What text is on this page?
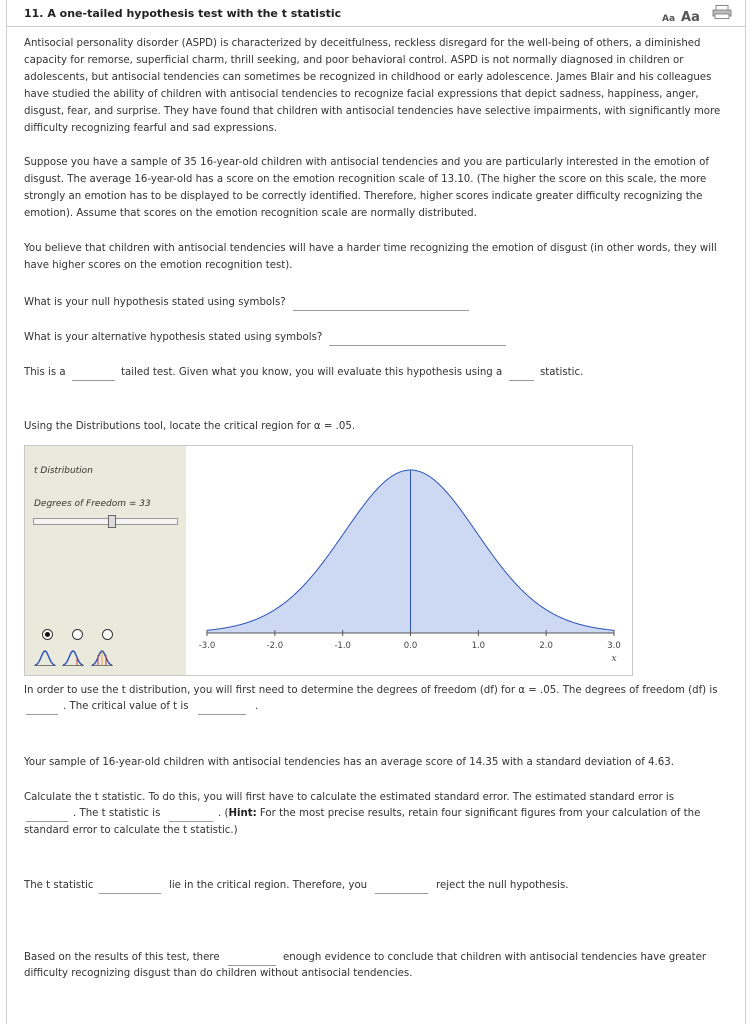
11. A one-tailed hypothesis test with the t statistic	Aa Aa

Antisocial personality disorder (ASPD) is characterized by deceitfulness, reckless disregard for the well-being of others, a diminished capacity for remorse, superficial charm, thrill seeking, and poor behavioral control. ASPD is not normally diagnosed in children or adolescents, but antisocial tendencies can sometimes be recognized in childhood or early adolescence. James Blair and his colleagues have studied the ability of children with antisocial tendencies to recognize facial expressions that depict sadness, happiness, anger, disgust, fear, and surprise. They have found that children with antisocial tendencies have selective impairments, with significantly more difficulty recognizing fearful and sad expressions.

Suppose you have a sample of 35 16-year-old children with antisocial tendencies and you are particularly interested in the emotion of disgust. The average 16-year-old has a score on the emotion recognition scale of 13.10. (The higher the score on this scale, the more strongly an emotion has to be displayed to be correctly identified. Therefore, higher scores indicate greater difficulty recognizing the emotion). Assume that scores on the emotion recognition scale are normally distributed.

You believe that children with antisocial tendencies will have a harder time recognizing the emotion of disgust (in other words, they will have higher scores on the emotion recognition test).

What is your null hypothesis stated using symbols?
What is your alternative hypothesis stated using symbols?
This is a	tailed test. Given what you know, you will evaluate this hypothesis using a	statistic.
Using the Distributions tool, locate the critical region for α = .05.
t Distribution
Degrees of Freedom = 33
-3.0	-2.0	-1.0	0.0	1.0	2.0	3.0
x
In order to use the t distribution, you will first need to determine the degrees of freedom (df) for α = .05. The degrees of freedom (df) is
. The critical value of t is	.

Your sample of 16-year-old children with antisocial tendencies has an average score of 14.35 with a standard deviation of 4.63.

Calculate the t statistic. To do this, you will first have to calculate the estimated standard error. The estimated standard error is
. The t statistic is	. (Hint: For the most precise results, retain four significant figures from your calculation of the
standard error to calculate the t statistic.)
The t statistic	lie in the critical region. Therefore, you	reject the null hypothesis.
Based on the results of this test, there	enough evidence to conclude that children with antisocial tendencies have greater
difficulty recognizing disgust than do children without antisocial tendencies.
